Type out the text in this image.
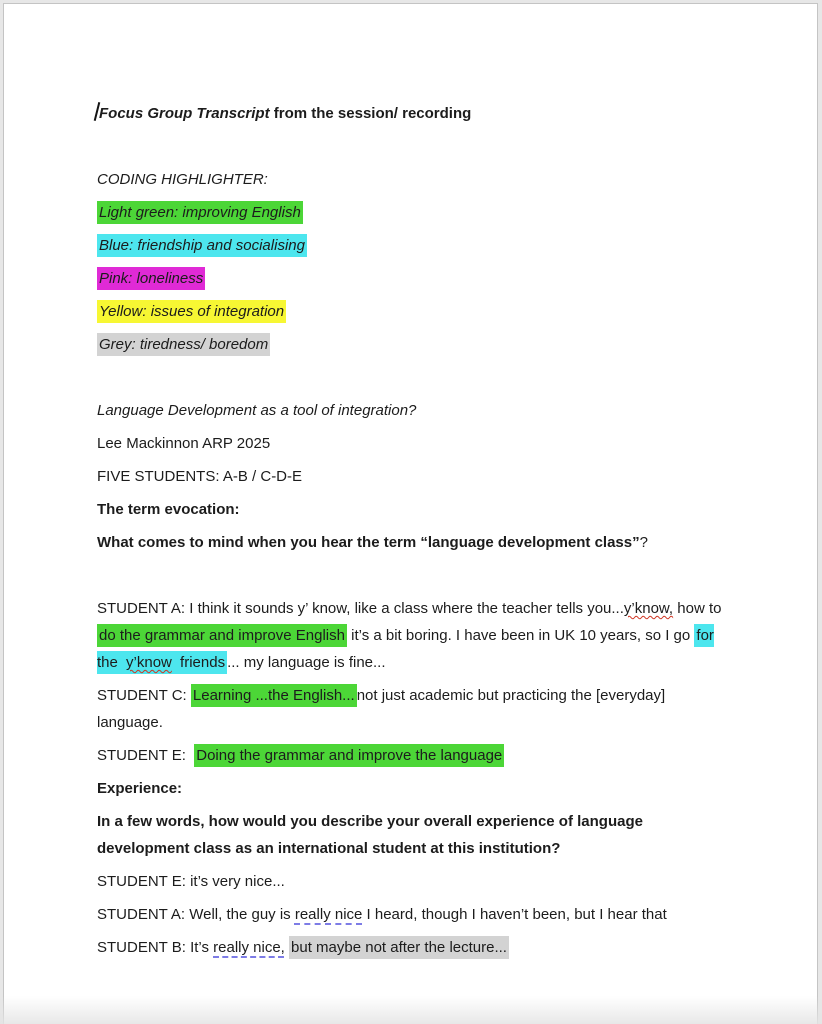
Focus Group Transcript from the session/ recording

CODING HIGHLIGHTER:

Light green: improving English

Blue: friendship and socialising

Pink: loneliness

Yellow: issues of integration

Grey: tiredness/ boredom

Language Development as a tool of integration?

Lee Mackinnon ARP 2025

FIVE STUDENTS: A-B / C-D-E

The term evocation:

What comes to mind when you hear the term “language development class”?

STUDENT A: I think it sounds y’ know, like a class where the teacher tells you...y’know, how to do the grammar and improve English it’s a bit boring. I have been in UK 10 years, so I go for the y’know friends ... my language is fine...

STUDENT C: Learning ...the English... not just academic but practicing the [everyday] language.

STUDENT E:  Doing the grammar and improve the language

Experience:

In a few words, how would you describe your overall experience of language development class as an international student at this institution?

STUDENT E: it’s very nice...

STUDENT A: Well, the guy is really nice I heard, though I haven’t been, but I hear that

STUDENT B: It’s really nice, but maybe not after the lecture...
